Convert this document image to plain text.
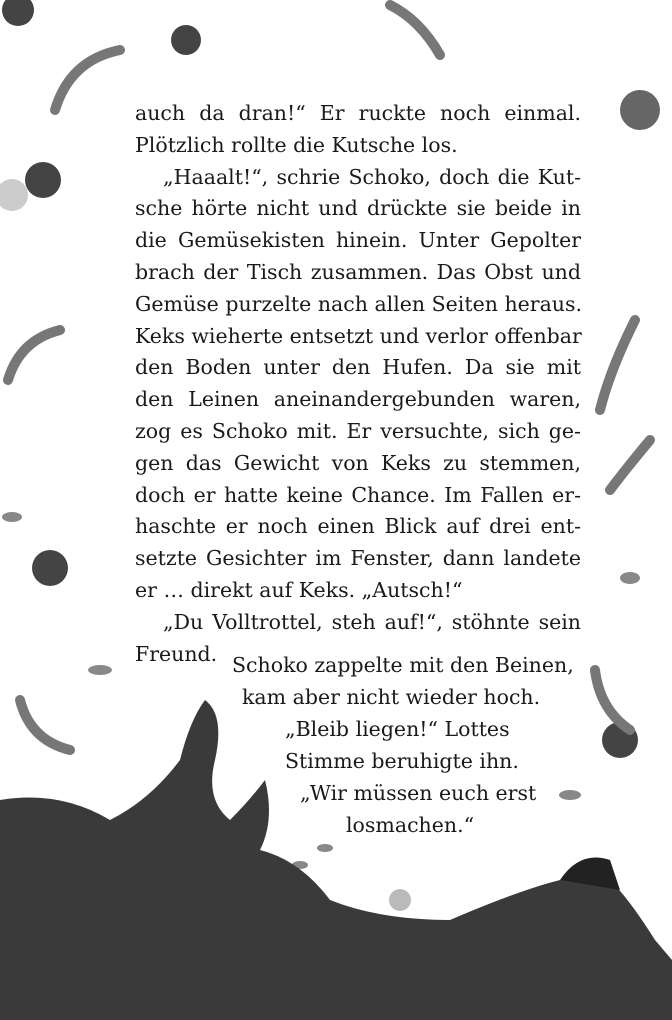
auch da dran!“ Er ruckte noch einmal.
Plötzlich rollte die Kutsche los.
„Haaalt!“, schrie Schoko, doch die Kut-
sche hörte nicht und drückte sie beide in
die Gemüsekisten hinein. Unter Gepolter
brach der Tisch zusammen. Das Obst und
Gemüse purzelte nach allen Seiten heraus.
Keks wieherte entsetzt und verlor offenbar
den Boden unter den Hufen. Da sie mit
den Leinen aneinandergebunden waren,
zog es Schoko mit. Er versuchte, sich ge-
gen das Gewicht von Keks zu stemmen,
doch er hatte keine Chance. Im Fallen er-
haschte er noch einen Blick auf drei ent-
setzte Gesichter im Fenster, dann landete
er … direkt auf Keks. „Autsch!“
„Du Volltrottel, steh auf!“, stöhnte sein
Freund. Schoko zappelte mit den Beinen,
kam aber nicht wieder hoch.
„Bleib liegen!“ Lottes
Stimme beruhigte ihn.
„Wir müssen euch erst
losmachen.“
